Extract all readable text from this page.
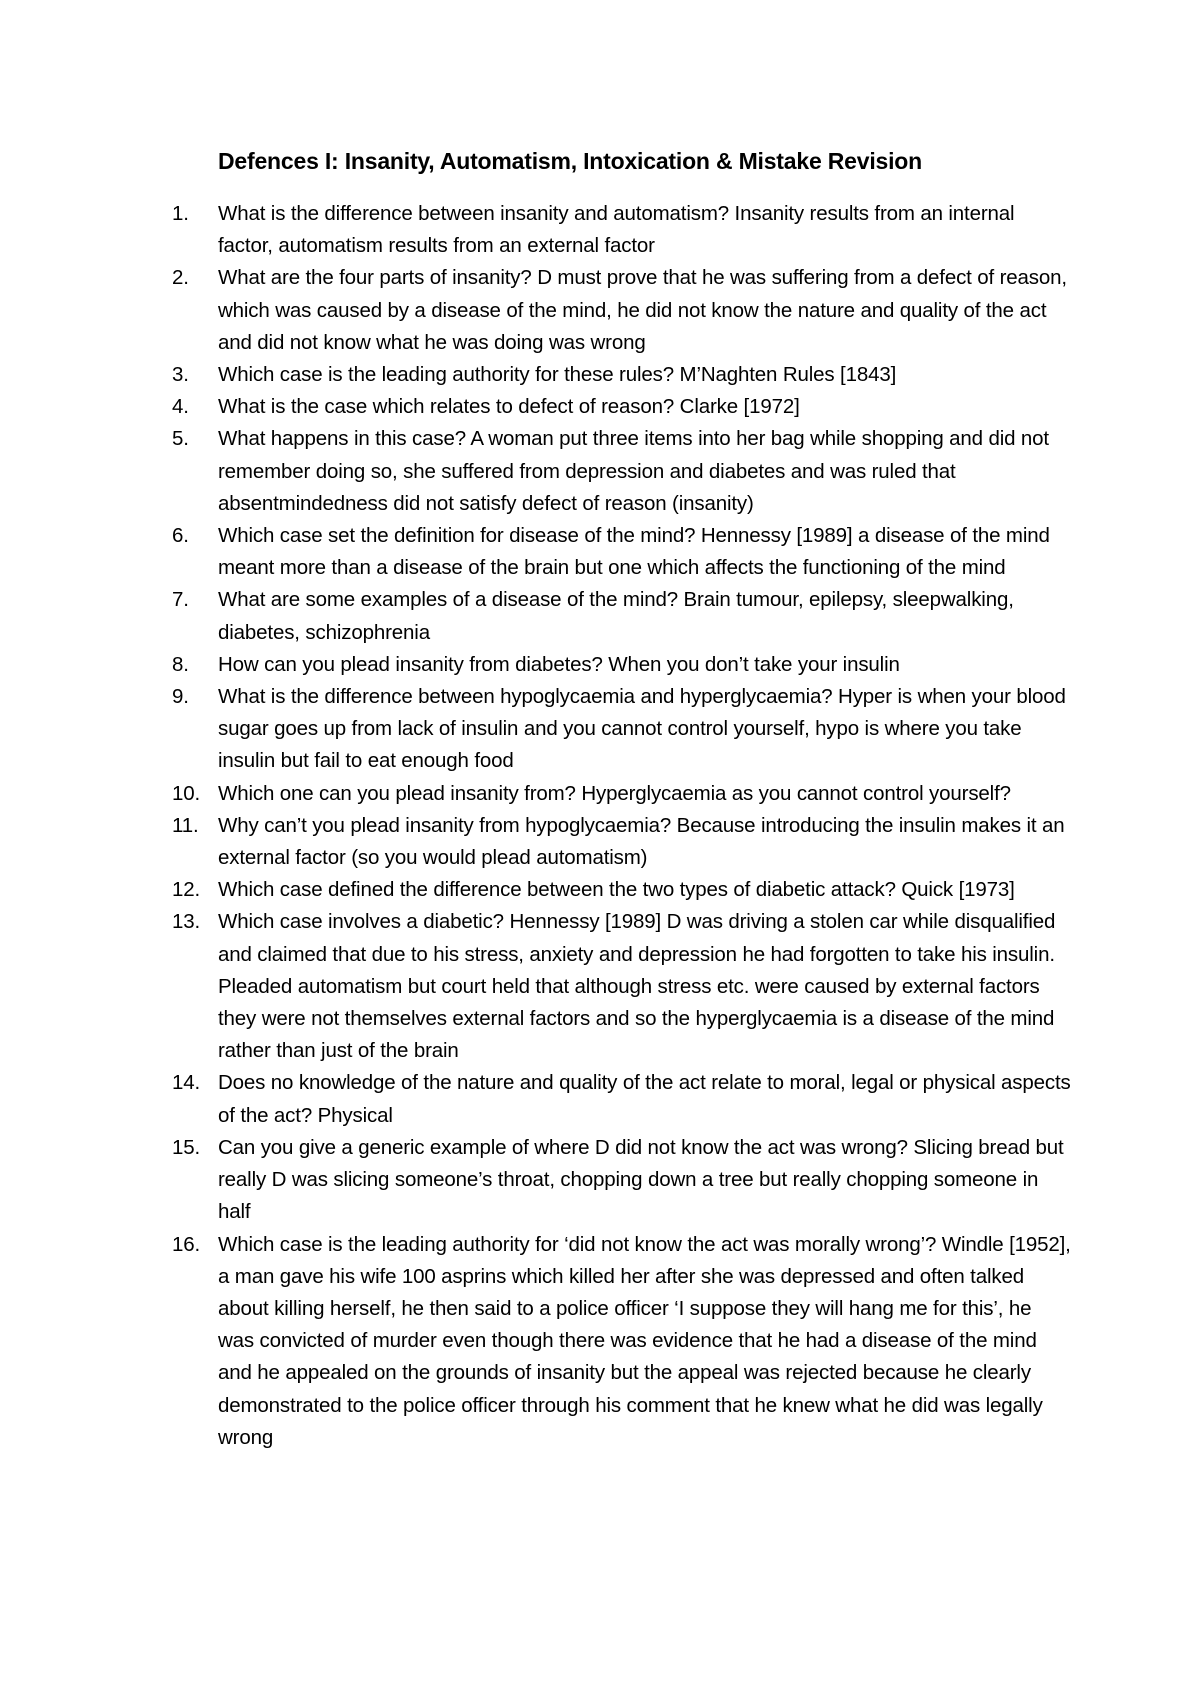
Defences I: Insanity, Automatism, Intoxication & Mistake Revision
1.	What is the difference between insanity and automatism? Insanity results from an internal factor, automatism results from an external factor
2.	What are the four parts of insanity? D must prove that he was suffering from a defect of reason, which was caused by a disease of the mind, he did not know the nature and quality of the act and did not know what he was doing was wrong
3.	Which case is the leading authority for these rules? M’Naghten Rules [1843]
4.	What is the case which relates to defect of reason? Clarke [1972]
5.	What happens in this case? A woman put three items into her bag while shopping and did not remember doing so, she suffered from depression and diabetes and was ruled that absentmindedness did not satisfy defect of reason (insanity)
6.	Which case set the definition for disease of the mind? Hennessy [1989] a disease of the mind meant more than a disease of the brain but one which affects the functioning of the mind
7.	What are some examples of a disease of the mind? Brain tumour, epilepsy, sleepwalking, diabetes, schizophrenia
8.	How can you plead insanity from diabetes? When you don’t take your insulin
9.	What is the difference between hypoglycaemia and hyperglycaemia? Hyper is when your blood sugar goes up from lack of insulin and you cannot control yourself, hypo is where you take insulin but fail to eat enough food
10. Which one can you plead insanity from? Hyperglycaemia as you cannot control yourself?
11. Why can’t you plead insanity from hypoglycaemia? Because introducing the insulin makes it an external factor (so you would plead automatism)
12. Which case defined the difference between the two types of diabetic attack? Quick [1973]
13. Which case involves a diabetic? Hennessy [1989] D was driving a stolen car while disqualified and claimed that due to his stress, anxiety and depression he had forgotten to take his insulin. Pleaded automatism but court held that although stress etc. were caused by external factors they were not themselves external factors and so the hyperglycaemia is a disease of the mind rather than just of the brain
14. Does no knowledge of the nature and quality of the act relate to moral, legal or physical aspects of the act? Physical
15. Can you give a generic example of where D did not know the act was wrong? Slicing bread but really D was slicing someone’s throat, chopping down a tree but really chopping someone in half
16. Which case is the leading authority for ‘did not know the act was morally wrong’? Windle [1952], a man gave his wife 100 asprins which killed her after she was depressed and often talked about killing herself, he then said to a police officer ‘I suppose they will hang me for this’, he was convicted of murder even though there was evidence that he had a disease of the mind and he appealed on the grounds of insanity but the appeal was rejected because he clearly demonstrated to the police officer through his comment that he knew what he did was legally wrong
